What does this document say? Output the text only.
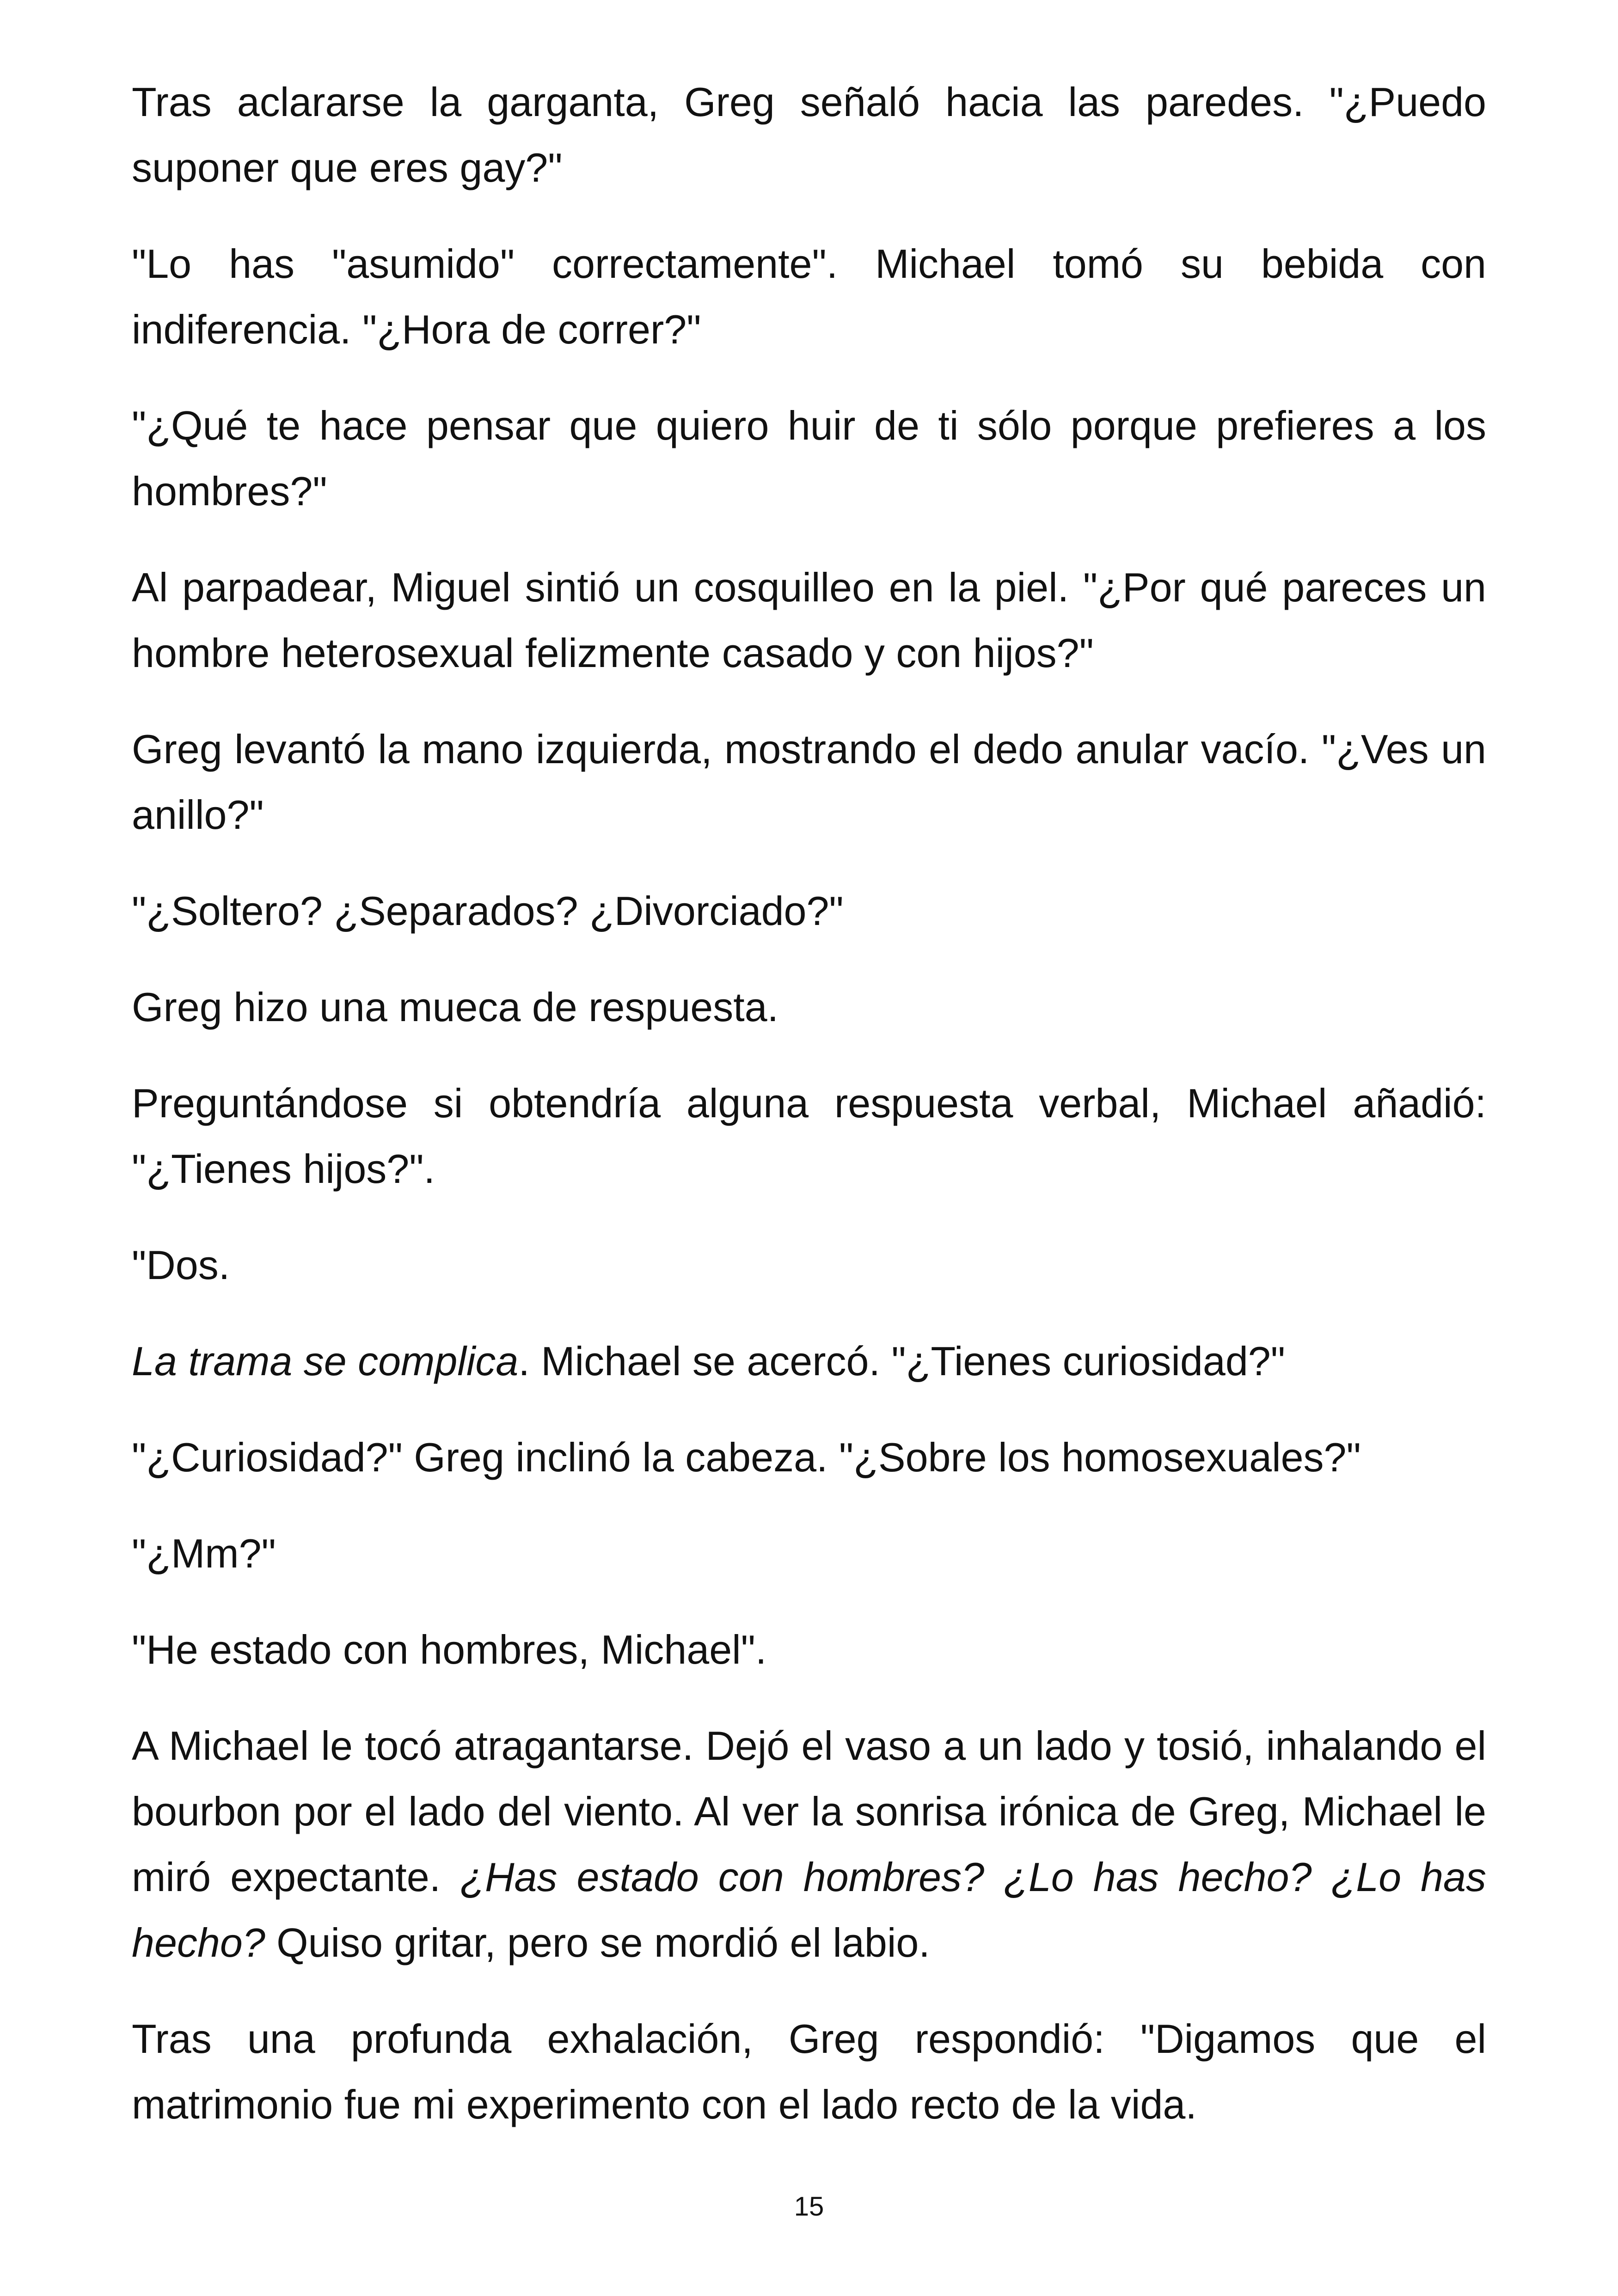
Tras aclararse la garganta, Greg señaló hacia las paredes. "¿Puedo suponer que eres gay?"

"Lo has "asumido" correctamente". Michael tomó su bebida con indiferencia. "¿Hora de correr?"

"¿Qué te hace pensar que quiero huir de ti sólo porque prefieres a los hombres?"

Al parpadear, Miguel sintió un cosquilleo en la piel. "¿Por qué pareces un hombre heterosexual felizmente casado y con hijos?"

Greg levantó la mano izquierda, mostrando el dedo anular vacío. "¿Ves un anillo?"

"¿Soltero? ¿Separados? ¿Divorciado?"

Greg hizo una mueca de respuesta.

Preguntándose si obtendría alguna respuesta verbal, Michael añadió: "¿Tienes hijos?".

"Dos.

La trama se complica. Michael se acercó. "¿Tienes curiosidad?"

"¿Curiosidad?" Greg inclinó la cabeza. "¿Sobre los homosexuales?"

"¿Mm?"

"He estado con hombres, Michael".

A Michael le tocó atragantarse. Dejó el vaso a un lado y tosió, inhalando el bourbon por el lado del viento. Al ver la sonrisa irónica de Greg, Michael le miró expectante. ¿Has estado con hombres? ¿Lo has hecho? ¿Lo has hecho? Quiso gritar, pero se mordió el labio.

Tras una profunda exhalación, Greg respondió: "Digamos que el matrimonio fue mi experimento con el lado recto de la vida.

15
